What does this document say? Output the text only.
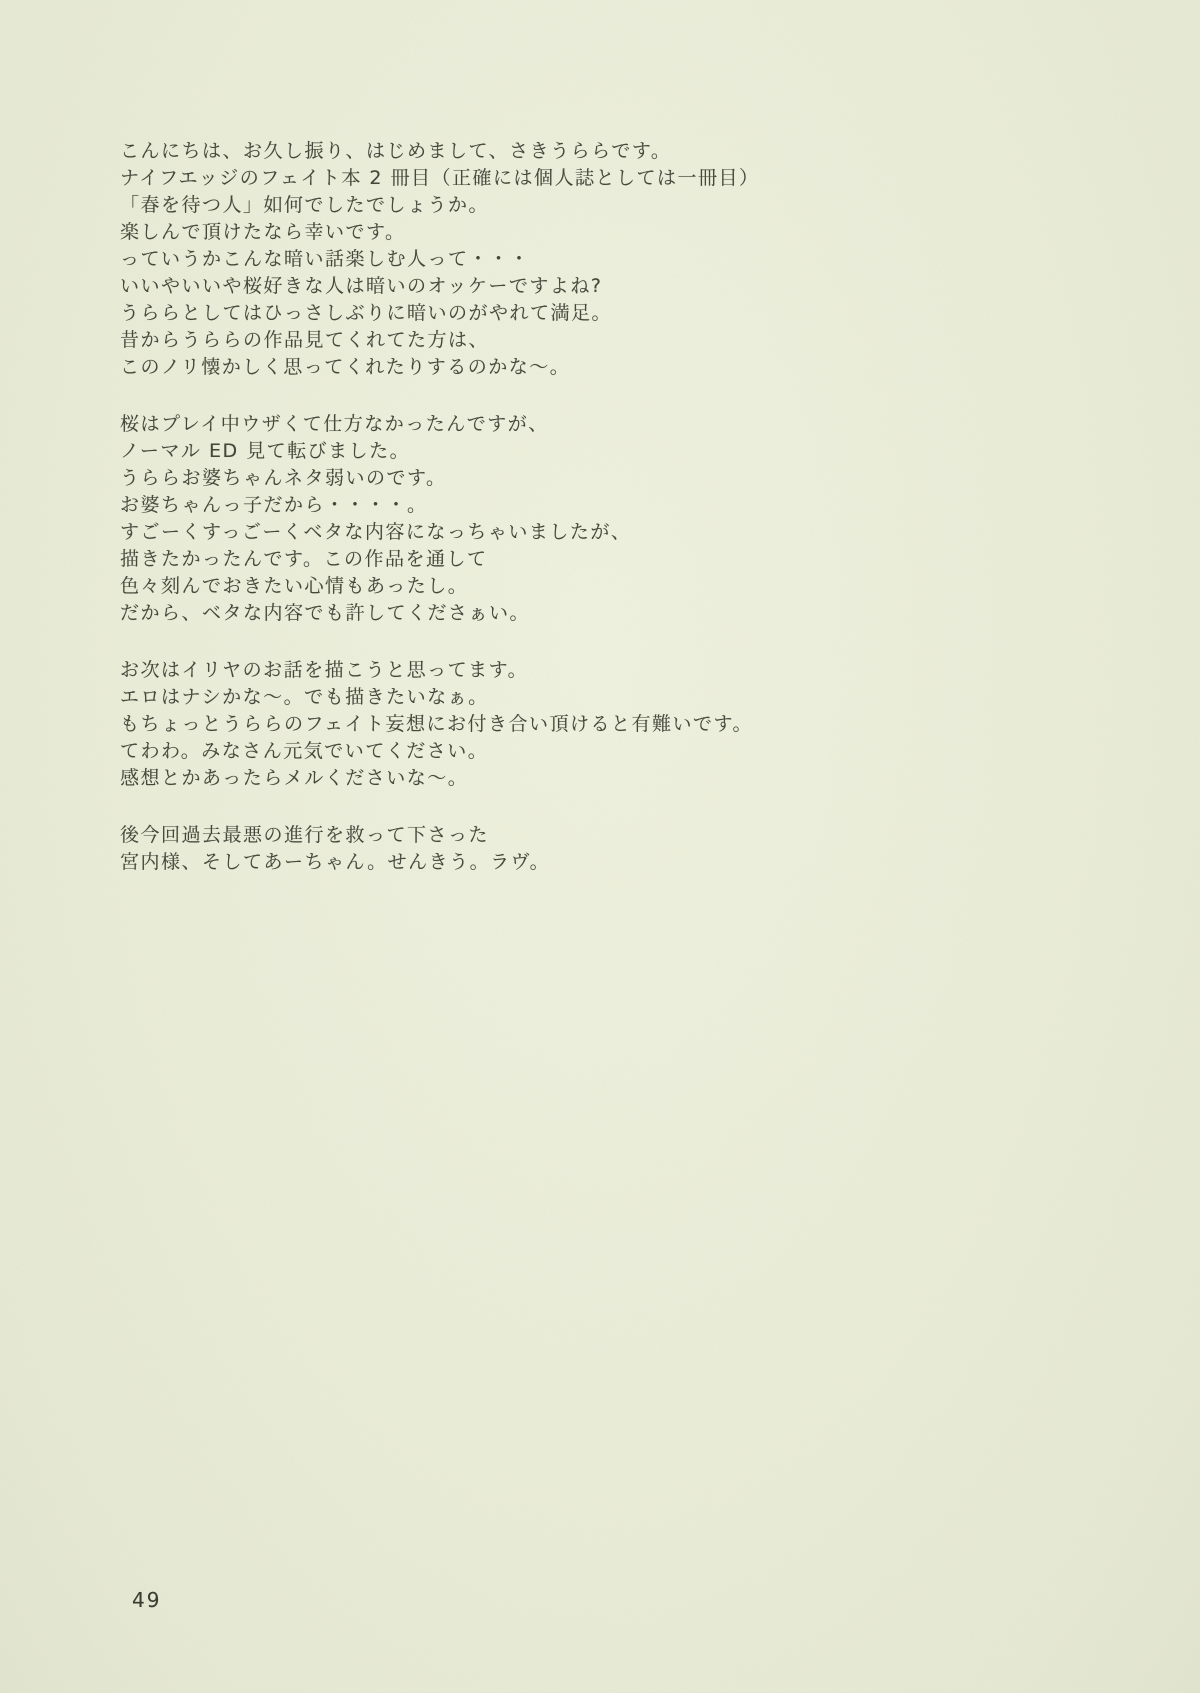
こんにちは、お久し振り、はじめまして、さきうららです。
ナイフエッジのフェイト本 2 冊目（正確には個人誌としては一冊目）
「春を待つ人」如何でしたでしょうか。
楽しんで頂けたなら幸いです。
っていうかこんな暗い話楽しむ人って・・・
いいやいいや桜好きな人は暗いのオッケーですよね?
うららとしてはひっさしぶりに暗いのがやれて満足。
昔からうららの作品見てくれてた方は、
このノリ懐かしく思ってくれたりするのかな〜。

桜はプレイ中ウザくて仕方なかったんですが、
ノーマル ED 見て転びました。
うららお婆ちゃんネタ弱いのです。
お婆ちゃんっ子だから・・・・。
すごーくすっごーくベタな内容になっちゃいましたが、
描きたかったんです。この作品を通して
色々刻んでおきたい心情もあったし。
だから、ベタな内容でも許してくださぁい。

お次はイリヤのお話を描こうと思ってます。
エロはナシかな〜。でも描きたいなぁ。
もちょっとうららのフェイト妄想にお付き合い頂けると有難いです。
てわわ。みなさん元気でいてください。
感想とかあったらメルくださいな〜。

後今回過去最悪の進行を救って下さった
宮内様、そしてあーちゃん。せんきう。ラヴ。

49
